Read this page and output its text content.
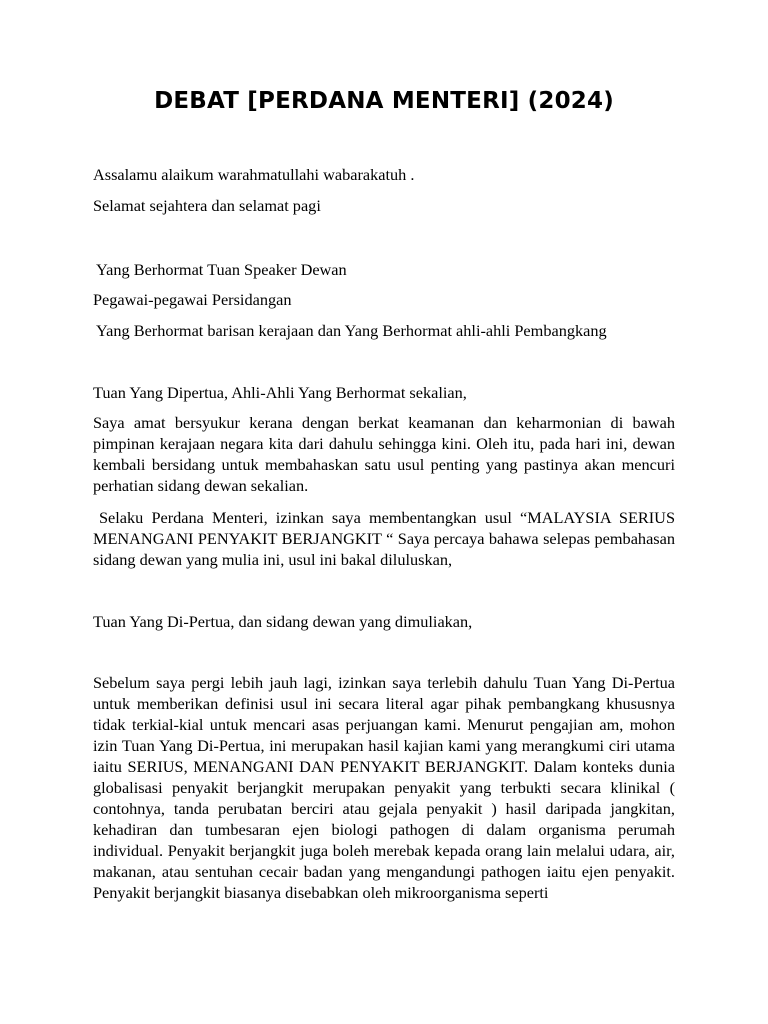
DEBAT [PERDANA MENTERI] (2024)

Assalamu alaikum warahmatullahi wabarakatuh .

Selamat sejahtera dan selamat pagi

Yang Berhormat Tuan Speaker Dewan

Pegawai-pegawai Persidangan

Yang Berhormat barisan kerajaan dan Yang Berhormat ahli-ahli Pembangkang

Tuan Yang Dipertua, Ahli-Ahli Yang Berhormat sekalian,

Saya amat bersyukur kerana dengan berkat keamanan dan keharmonian di bawah pimpinan kerajaan negara kita dari dahulu sehingga kini. Oleh itu, pada hari ini, dewan kembali bersidang untuk membahaskan satu usul penting yang pastinya akan mencuri perhatian sidang dewan sekalian.

Selaku Perdana Menteri, izinkan saya membentangkan usul “MALAYSIA SERIUS MENANGANI PENYAKIT BERJANGKIT “ Saya percaya bahawa selepas pembahasan sidang dewan yang mulia ini, usul ini bakal diluluskan,

Tuan Yang Di-Pertua, dan sidang dewan yang dimuliakan,

Sebelum saya pergi lebih jauh lagi, izinkan saya terlebih dahulu Tuan Yang Di-Pertua untuk memberikan definisi usul ini secara literal agar pihak pembangkang khususnya tidak terkial-kial untuk mencari asas perjuangan kami. Menurut pengajian am, mohon izin Tuan Yang Di-Pertua, ini merupakan hasil kajian kami yang merangkumi ciri utama iaitu SERIUS, MENANGANI DAN PENYAKIT BERJANGKIT. Dalam konteks dunia globalisasi penyakit berjangkit merupakan penyakit yang terbukti secara klinikal ( contohnya, tanda perubatan berciri atau gejala penyakit ) hasil daripada jangkitan, kehadiran dan tumbesaran ejen biologi pathogen di dalam organisma perumah individual. Penyakit berjangkit juga boleh merebak kepada orang lain melalui udara, air, makanan, atau sentuhan cecair badan yang mengandungi pathogen iaitu ejen penyakit. Penyakit berjangkit biasanya disebabkan oleh mikroorganisma seperti
